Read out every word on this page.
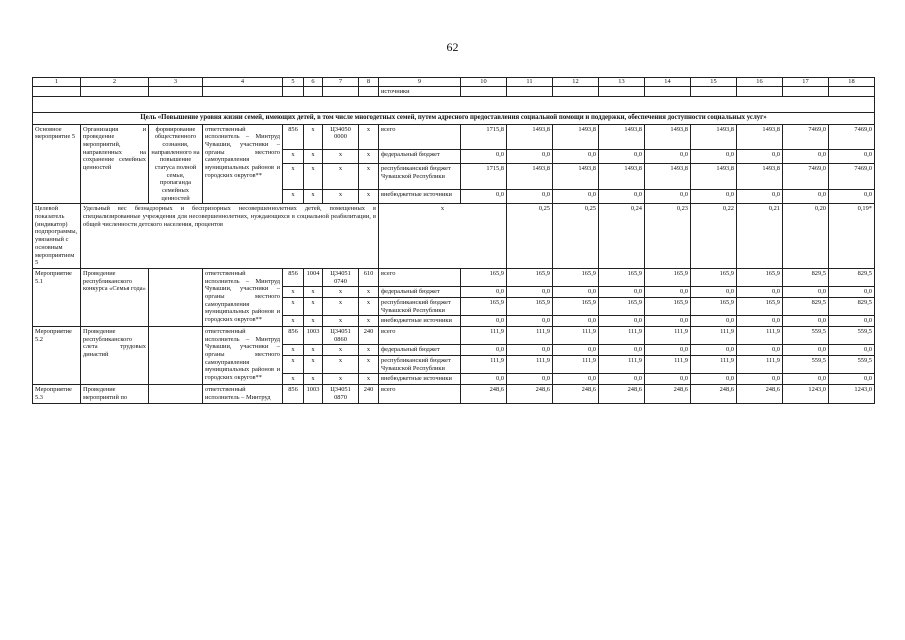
62
1	2	3	4	5	6	7	8	9	10	11	12	13	14	15	16	17	18	
								источники										

Цель «Повышение уровня жизни семей, имеющих детей, в том числе многодетных семей, путем адресного предоставления социальной помощи и поддержки, обеспечения доступности социальных услуг»																		
Основное мероприятие 5	Организация и проведение мероприятий, направленных на сохранение семейных ценностей	формирование общественного сознания, направленного на повышение статуса полной семьи, пропаганда семейных ценностей	ответственный исполнитель – Минтруд Чувашии, участники – органы местного самоуправления муниципальных районов и городских округов**	856	x	Ц34050 0000	x	всего	1715,8	1493,8	1493,8	1493,8	1493,8	1493,8	1493,8	7469,0	7469,0	
				x	x	x	x	федеральный бюджет	0,0	0,0	0,0	0,0	0,0	0,0	0,0	0,0	0,0	
				x	x	x	x	республиканский бюджет Чувашской Республики	1715,8	1493,8	1493,8	1493,8	1493,8	1493,8	1493,8	7469,0	7469,0	
				x	x	x	x	внебюджетные источники	0,0	0,0	0,0	0,0	0,0	0,0	0,0	0,0	0,0	
Целевой показатель (индикатор) подпрограммы, увязанный с основным мероприятием 5	Удельный вес безнадзорных и беспризорных несовершеннолетних детей, помещенных в специализированные учреждения для несовершеннолетних, нуждающихся в социальной реабилитации, в общей численности детского населения, процентов							x		0,25	0,25	0,24	0,23	0,22	0,21	0,20	0,19*	
Мероприятие 5.1	Проведение республиканского конкурса «Семья года»		ответственный исполнитель – Минтруд Чувашии, участники – органы местного самоуправления муниципальных районов и городских округов**	856	1004	Ц34051 0740	610	всего	165,9	165,9	165,9	165,9	165,9	165,9	165,9	829,5	829,5	
				x	x	x	x	федеральный бюджет	0,0	0,0	0,0	0,0	0,0	0,0	0,0	0,0	0,0	
				x	x	x	x	республиканский бюджет Чувашской Республики	165,9	165,9	165,9	165,9	165,9	165,9	165,9	829,5	829,5	
				x	x	x	x	внебюджетные источники	0,0	0,0	0,0	0,0	0,0	0,0	0,0	0,0	0,0	
Мероприятие 5.2	Проведение республиканского слета трудовых династий		ответственный исполнитель – Минтруд Чувашии, участники – органы местного самоуправления муниципальных районов и городских округов**	856	1003	Ц34051 0860	240	всего	111,9	111,9	111,9	111,9	111,9	111,9	111,9	559,5	559,5	
				x	x	x	x	федеральный бюджет	0,0	0,0	0,0	0,0	0,0	0,0	0,0	0,0	0,0	
				x	x	x	x	республиканский бюджет Чувашской Республики	111,9	111,9	111,9	111,9	111,9	111,9	111,9	559,5	559,5	
				x	x	x	x	внебюджетные источники	0,0	0,0	0,0	0,0	0,0	0,0	0,0	0,0	0,0	
Мероприятие 5.3	Проведение мероприятий по		ответственный исполнитель – Минтруд	856	1003	Ц34051 0870	240	всего	248,6	248,6	248,6	248,6	248,6	248,6	248,6	1243,0	1243,0	
